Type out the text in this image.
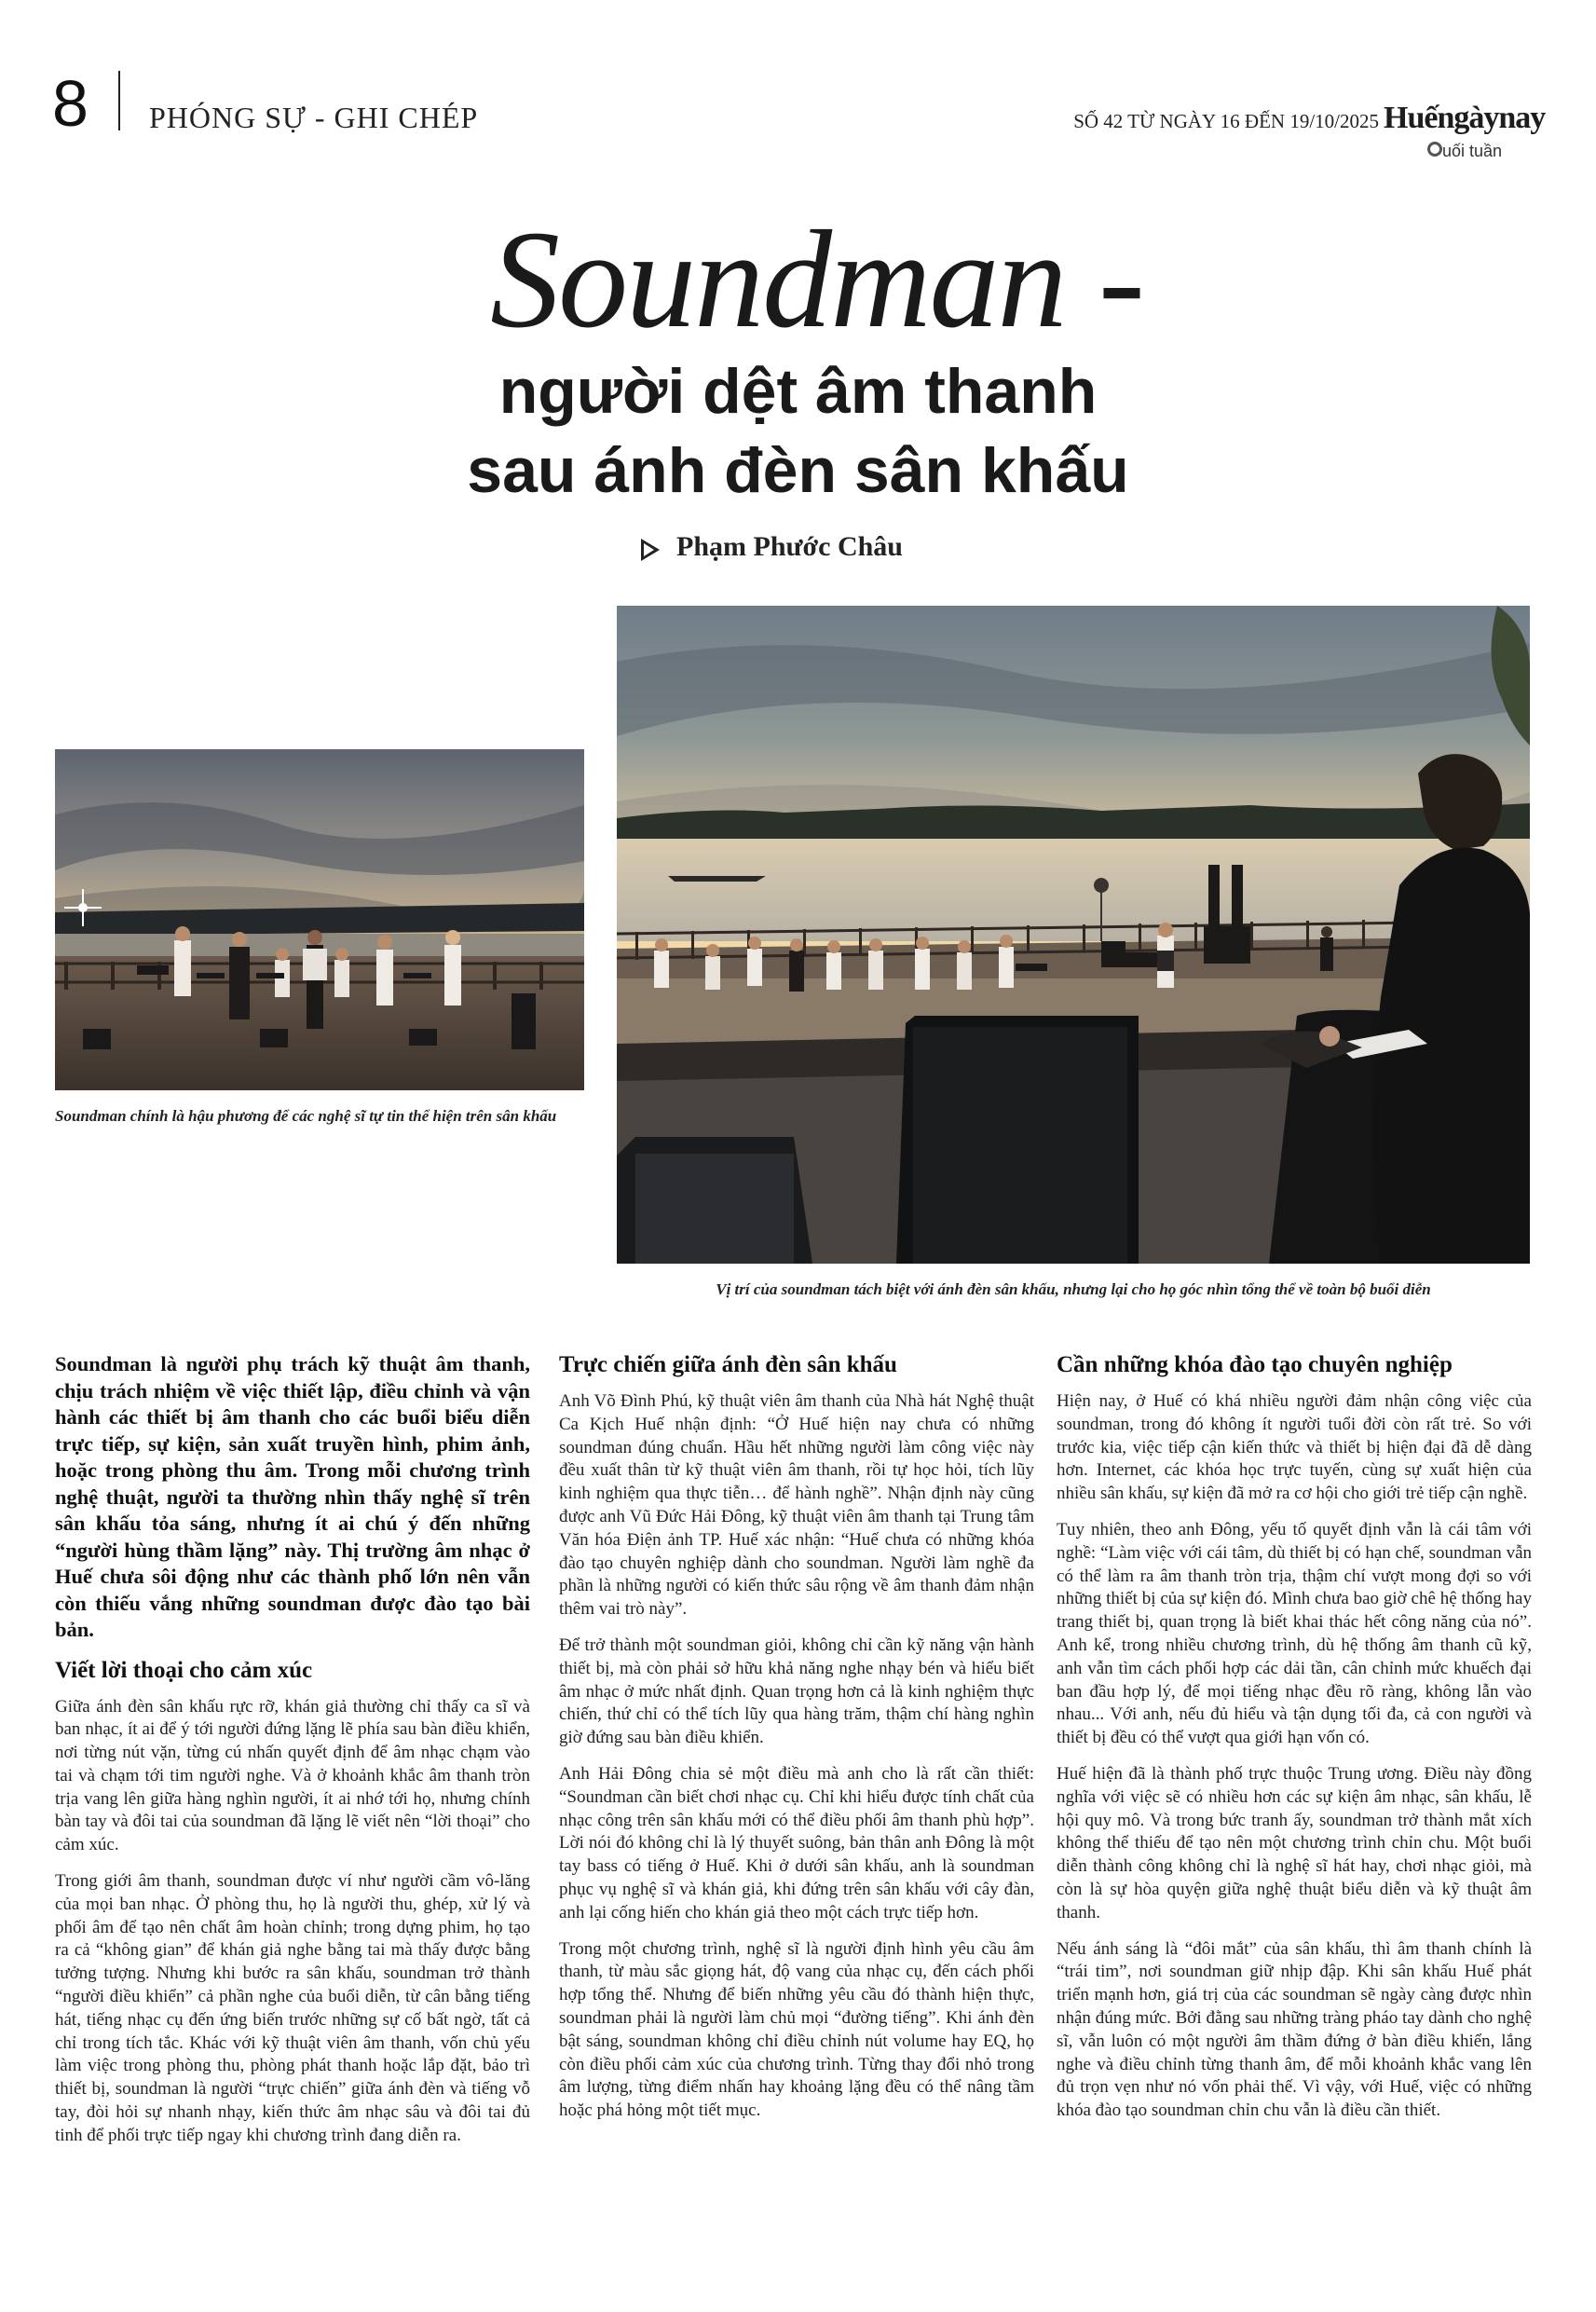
8 PHÓNG SỰ - GHI CHÉP	SỐ 42 TỪ NGÀY 16 ĐẾN 19/10/2025 Huếngàynay
uối tuần
Soundman -
người dệt âm thanh
sau ánh đèn sân khấu
Phạm Phước Châu
Soundman chính là hậu phương để các nghệ sĩ tự tin thể hiện trên sân khấu
Vị trí của soundman tách biệt với ánh đèn sân khấu, nhưng lại cho họ góc nhìn tổng thể về toàn bộ buổi diễn

Soundman là người phụ trách kỹ thuật âm thanh, chịu trách nhiệm về việc thiết lập, điều chỉnh và vận hành các thiết bị âm thanh cho các buổi biểu diễn trực tiếp, sự kiện, sản xuất truyền hình, phim ảnh, hoặc trong phòng thu âm. Trong mỗi chương trình nghệ thuật, người ta thường nhìn thấy nghệ sĩ trên sân khấu tỏa sáng, nhưng ít ai chú ý đến những “người hùng thầm lặng” này. Thị trường âm nhạc ở Huế chưa sôi động như các thành phố lớn nên vẫn còn thiếu vắng những soundman được đào tạo bài bản.

Viết lời thoại cho cảm xúc

Giữa ánh đèn sân khấu rực rỡ, khán giả thường chỉ thấy ca sĩ và ban nhạc, ít ai để ý tới người đứng lặng lẽ phía sau bàn điều khiển, nơi từng nút vặn, từng cú nhấn quyết định để âm nhạc chạm vào tai và chạm tới tim người nghe. Và ở khoảnh khắc âm thanh tròn trịa vang lên giữa hàng nghìn người, ít ai nhớ tới họ, nhưng chính bàn tay và đôi tai của soundman đã lặng lẽ viết nên “lời thoại” cho cảm xúc.

Trong giới âm thanh, soundman được ví như người cầm vô-lăng của mọi ban nhạc. Ở phòng thu, họ là người thu, ghép, xử lý và phối âm để tạo nên chất âm hoàn chỉnh; trong dựng phim, họ tạo ra cả “không gian” để khán giả nghe bằng tai mà thấy được bằng tưởng tượng. Nhưng khi bước ra sân khấu, soundman trở thành “người điều khiển” cả phần nghe của buổi diễn, từ cân bằng tiếng hát, tiếng nhạc cụ đến ứng biến trước những sự cố bất ngờ, tất cả chỉ trong tích tắc. Khác với kỹ thuật viên âm thanh, vốn chủ yếu làm việc trong phòng thu, phòng phát thanh hoặc lắp đặt, bảo trì thiết bị, soundman là người “trực chiến” giữa ánh đèn và tiếng vỗ tay, đòi hỏi sự nhanh nhạy, kiến thức âm nhạc sâu và đôi tai đủ tinh để phối trực tiếp ngay khi chương trình đang diễn ra.

Trực chiến giữa ánh đèn sân khấu

Anh Võ Đình Phú, kỹ thuật viên âm thanh của Nhà hát Nghệ thuật Ca Kịch Huế nhận định: “Ở Huế hiện nay chưa có những soundman đúng chuẩn. Hầu hết những người làm công việc này đều xuất thân từ kỹ thuật viên âm thanh, rồi tự học hỏi, tích lũy kinh nghiệm qua thực tiễn… để hành nghề”. Nhận định này cũng được anh Vũ Đức Hải Đông, kỹ thuật viên âm thanh tại Trung tâm Văn hóa Điện ảnh TP. Huế xác nhận: “Huế chưa có những khóa đào tạo chuyên nghiệp dành cho soundman. Người làm nghề đa phần là những người có kiến thức sâu rộng về âm thanh đảm nhận thêm vai trò này”.

Để trở thành một soundman giỏi, không chỉ cần kỹ năng vận hành thiết bị, mà còn phải sở hữu khả năng nghe nhạy bén và hiểu biết âm nhạc ở mức nhất định. Quan trọng hơn cả là kinh nghiệm thực chiến, thứ chỉ có thể tích lũy qua hàng trăm, thậm chí hàng nghìn giờ đứng sau bàn điều khiển.

Anh Hải Đông chia sẻ một điều mà anh cho là rất cần thiết: “Soundman cần biết chơi nhạc cụ. Chỉ khi hiểu được tính chất của nhạc công trên sân khấu mới có thể điều phối âm thanh phù hợp”. Lời nói đó không chỉ là lý thuyết suông, bản thân anh Đông là một tay bass có tiếng ở Huế. Khi ở dưới sân khấu, anh là soundman phục vụ nghệ sĩ và khán giả, khi đứng trên sân khấu với cây đàn, anh lại cống hiến cho khán giả theo một cách trực tiếp hơn.

Trong một chương trình, nghệ sĩ là người định hình yêu cầu âm thanh, từ màu sắc giọng hát, độ vang của nhạc cụ, đến cách phối hợp tổng thể. Nhưng để biến những yêu cầu đó thành hiện thực, soundman phải là người làm chủ mọi “đường tiếng”. Khi ánh đèn bật sáng, soundman không chỉ điều chỉnh nút volume hay EQ, họ còn điều phối cảm xúc của chương trình. Từng thay đổi nhỏ trong âm lượng, từng điểm nhấn hay khoảng lặng đều có thể nâng tầm hoặc phá hỏng một tiết mục.

Cần những khóa đào tạo chuyên nghiệp

Hiện nay, ở Huế có khá nhiều người đảm nhận công việc của soundman, trong đó không ít người tuổi đời còn rất trẻ. So với trước kia, việc tiếp cận kiến thức và thiết bị hiện đại đã dễ dàng hơn. Internet, các khóa học trực tuyến, cùng sự xuất hiện của nhiều sân khấu, sự kiện đã mở ra cơ hội cho giới trẻ tiếp cận nghề.

Tuy nhiên, theo anh Đông, yếu tố quyết định vẫn là cái tâm với nghề: “Làm việc với cái tâm, dù thiết bị có hạn chế, soundman vẫn có thể làm ra âm thanh tròn trịa, thậm chí vượt mong đợi so với những thiết bị của sự kiện đó. Mình chưa bao giờ chê hệ thống hay trang thiết bị, quan trọng là biết khai thác hết công năng của nó”. Anh kể, trong nhiều chương trình, dù hệ thống âm thanh cũ kỹ, anh vẫn tìm cách phối hợp các dải tần, cân chỉnh mức khuếch đại ban đầu hợp lý, để mọi tiếng nhạc đều rõ ràng, không lẫn vào nhau... Với anh, nếu đủ hiểu và tận dụng tối đa, cả con người và thiết bị đều có thể vượt qua giới hạn vốn có.

Huế hiện đã là thành phố trực thuộc Trung ương. Điều này đồng nghĩa với việc sẽ có nhiều hơn các sự kiện âm nhạc, sân khấu, lễ hội quy mô. Và trong bức tranh ấy, soundman trở thành mắt xích không thể thiếu để tạo nên một chương trình chỉn chu. Một buổi diễn thành công không chỉ là nghệ sĩ hát hay, chơi nhạc giỏi, mà còn là sự hòa quyện giữa nghệ thuật biểu diễn và kỹ thuật âm thanh.

Nếu ánh sáng là “đôi mắt” của sân khấu, thì âm thanh chính là “trái tim”, nơi soundman giữ nhịp đập. Khi sân khấu Huế phát triển mạnh hơn, giá trị của các soundman sẽ ngày càng được nhìn nhận đúng mức. Bởi đằng sau những tràng pháo tay dành cho nghệ sĩ, vẫn luôn có một người âm thầm đứng ở bàn điều khiển, lắng nghe và điều chỉnh từng thanh âm, để mỗi khoảnh khắc vang lên đủ trọn vẹn như nó vốn phải thế. Vì vậy, với Huế, việc có những khóa đào tạo soundman chỉn chu vẫn là điều cần thiết.
